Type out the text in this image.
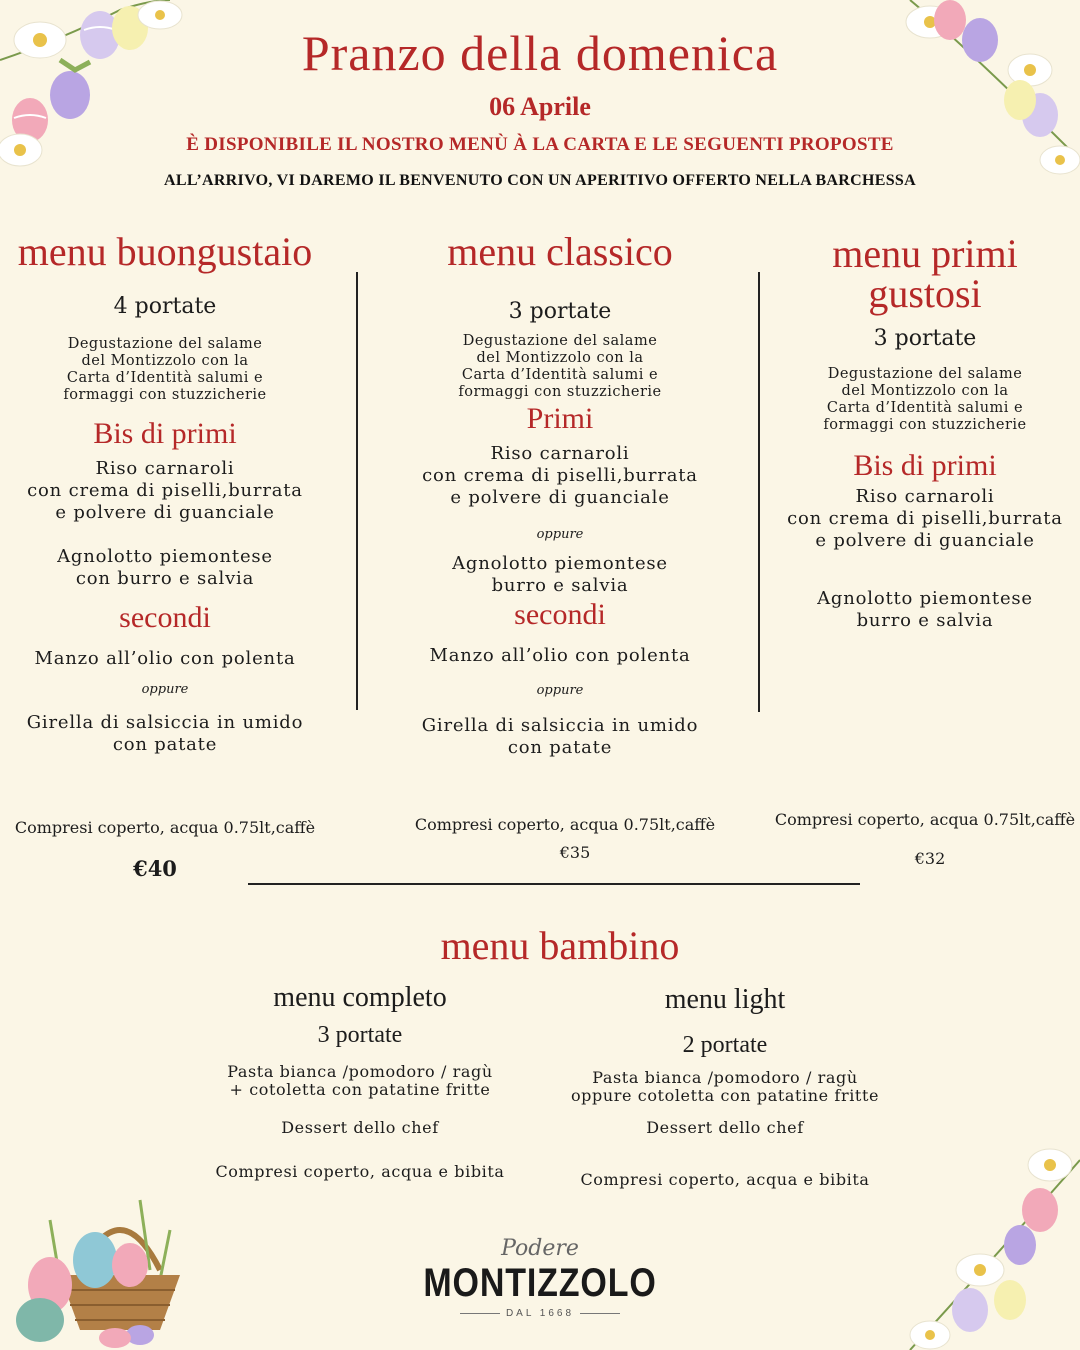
Pranzo della domenica
06 Aprile
È DISPONIBILE IL NOSTRO MENÙ À LA CARTA E LE SEGUENTI PROPOSTE
ALL’ARRIVO, VI DAREMO IL BENVENUTO CON UN APERITIVO OFFERTO NELLA BARCHESSA
menu buongustaio
4 portate
Degustazione del salame
del Montizzolo con la
Carta d’Identità salumi e
formaggi con stuzzicherie
Bis di primi
Riso carnaroli
con crema di piselli,burrata
e polvere di guanciale
Agnolotto piemontese
con burro e salvia
secondi
Manzo all’olio con polenta
oppure
Girella di salsiccia in umido
con patate
Compresi coperto, acqua 0.75lt,caffè
€40
menu classico
3 portate
Degustazione del salame
del Montizzolo con la
Carta d’Identità salumi e
formaggi con stuzzicherie
Primi
Riso carnaroli
con crema di piselli,burrata
e polvere di guanciale
oppure
Agnolotto piemontese
burro e salvia
secondi
Manzo all’olio con polenta
oppure
Girella di salsiccia in umido
con patate
Compresi coperto, acqua 0.75lt,caffè
€35
menu primi
gustosi
3 portate
Degustazione del salame
del Montizzolo con la
Carta d’Identità salumi e
formaggi con stuzzicherie
Bis di primi
Riso carnaroli
con crema di piselli,burrata
e polvere di guanciale
Agnolotto piemontese
burro e salvia
Compresi coperto, acqua 0.75lt,caffè
€32
menu bambino
menu completo
3 portate
Pasta bianca /pomodoro / ragù
+ cotoletta con patatine fritte
Dessert dello chef
Compresi coperto, acqua e bibita
menu light
2 portate
Pasta bianca /pomodoro / ragù
oppure cotoletta con patatine fritte
Dessert dello chef
Compresi coperto, acqua e bibita
Podere
MONTIZZOLO
DAL 1668
